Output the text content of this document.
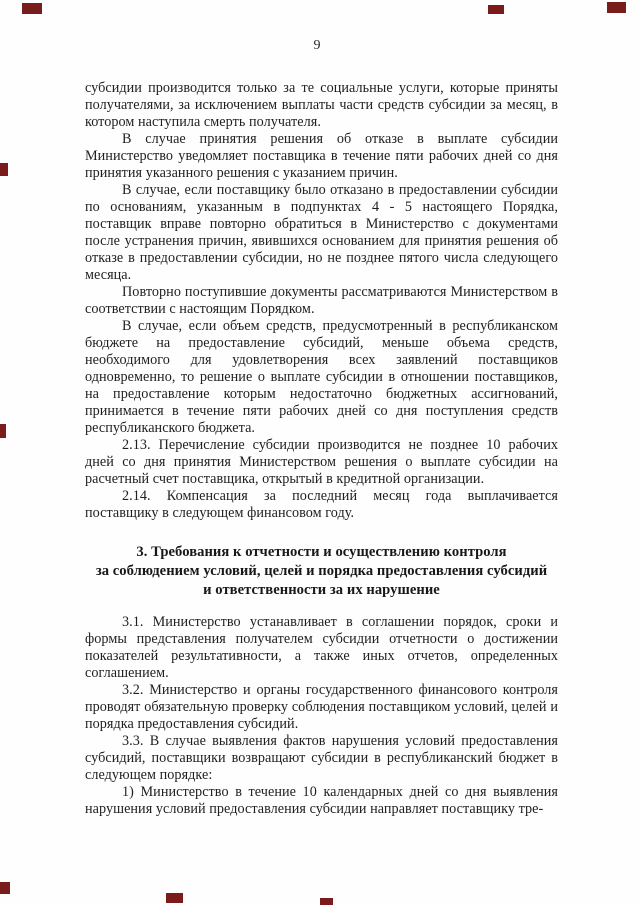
9

субсидии производится только за те социальные услуги, которые приняты получателями, за исключением выплаты части средств субсидии за месяц, в котором наступила смерть получателя.

В случае принятия решения об отказе в выплате субсидии Министерство уведомляет поставщика в течение пяти рабочих дней со дня принятия указанного решения с указанием причин.

В случае, если поставщику было отказано в предоставлении субсидии по основаниям, указанным в подпунктах 4 - 5 настоящего Порядка, поставщик вправе повторно обратиться в Министерство с документами после устранения причин, явившихся основанием для принятия решения об отказе в предоставлении субсидии, но не позднее пятого числа следующего месяца.

Повторно поступившие документы рассматриваются Министерством в соответствии с настоящим Порядком.

В случае, если объем средств, предусмотренный в республиканском бюджете на предоставление субсидий, меньше объема средств, необходимого для удовлетворения всех заявлений поставщиков одновременно, то решение о выплате субсидии в отношении поставщиков, на предоставление которым недостаточно бюджетных ассигнований, принимается в течение пяти рабочих дней со дня поступления средств республиканского бюджета.

2.13. Перечисление субсидии производится не позднее 10 рабочих дней со дня принятия Министерством решения о выплате субсидии на расчетный счет поставщика, открытый в кредитной организации.

2.14. Компенсация за последний месяц года выплачивается поставщику в следующем финансовом году.

3. Требования к отчетности и осуществлению контроля
за соблюдением условий, целей и порядка предоставления субсидий
и ответственности за их нарушение

3.1. Министерство устанавливает в соглашении порядок, сроки и формы представления получателем субсидии отчетности о достижении показателей результативности, а также иных отчетов, определенных соглашением.

3.2. Министерство и органы государственного финансового контроля проводят обязательную проверку соблюдения поставщиком условий, целей и порядка предоставления субсидий.

3.3. В случае выявления фактов нарушения условий предоставления субсидий, поставщики возвращают субсидии в республиканский бюджет в следующем порядке:

1) Министерство в течение 10 календарных дней со дня выявления нарушения условий предоставления субсидии направляет поставщику тре-
